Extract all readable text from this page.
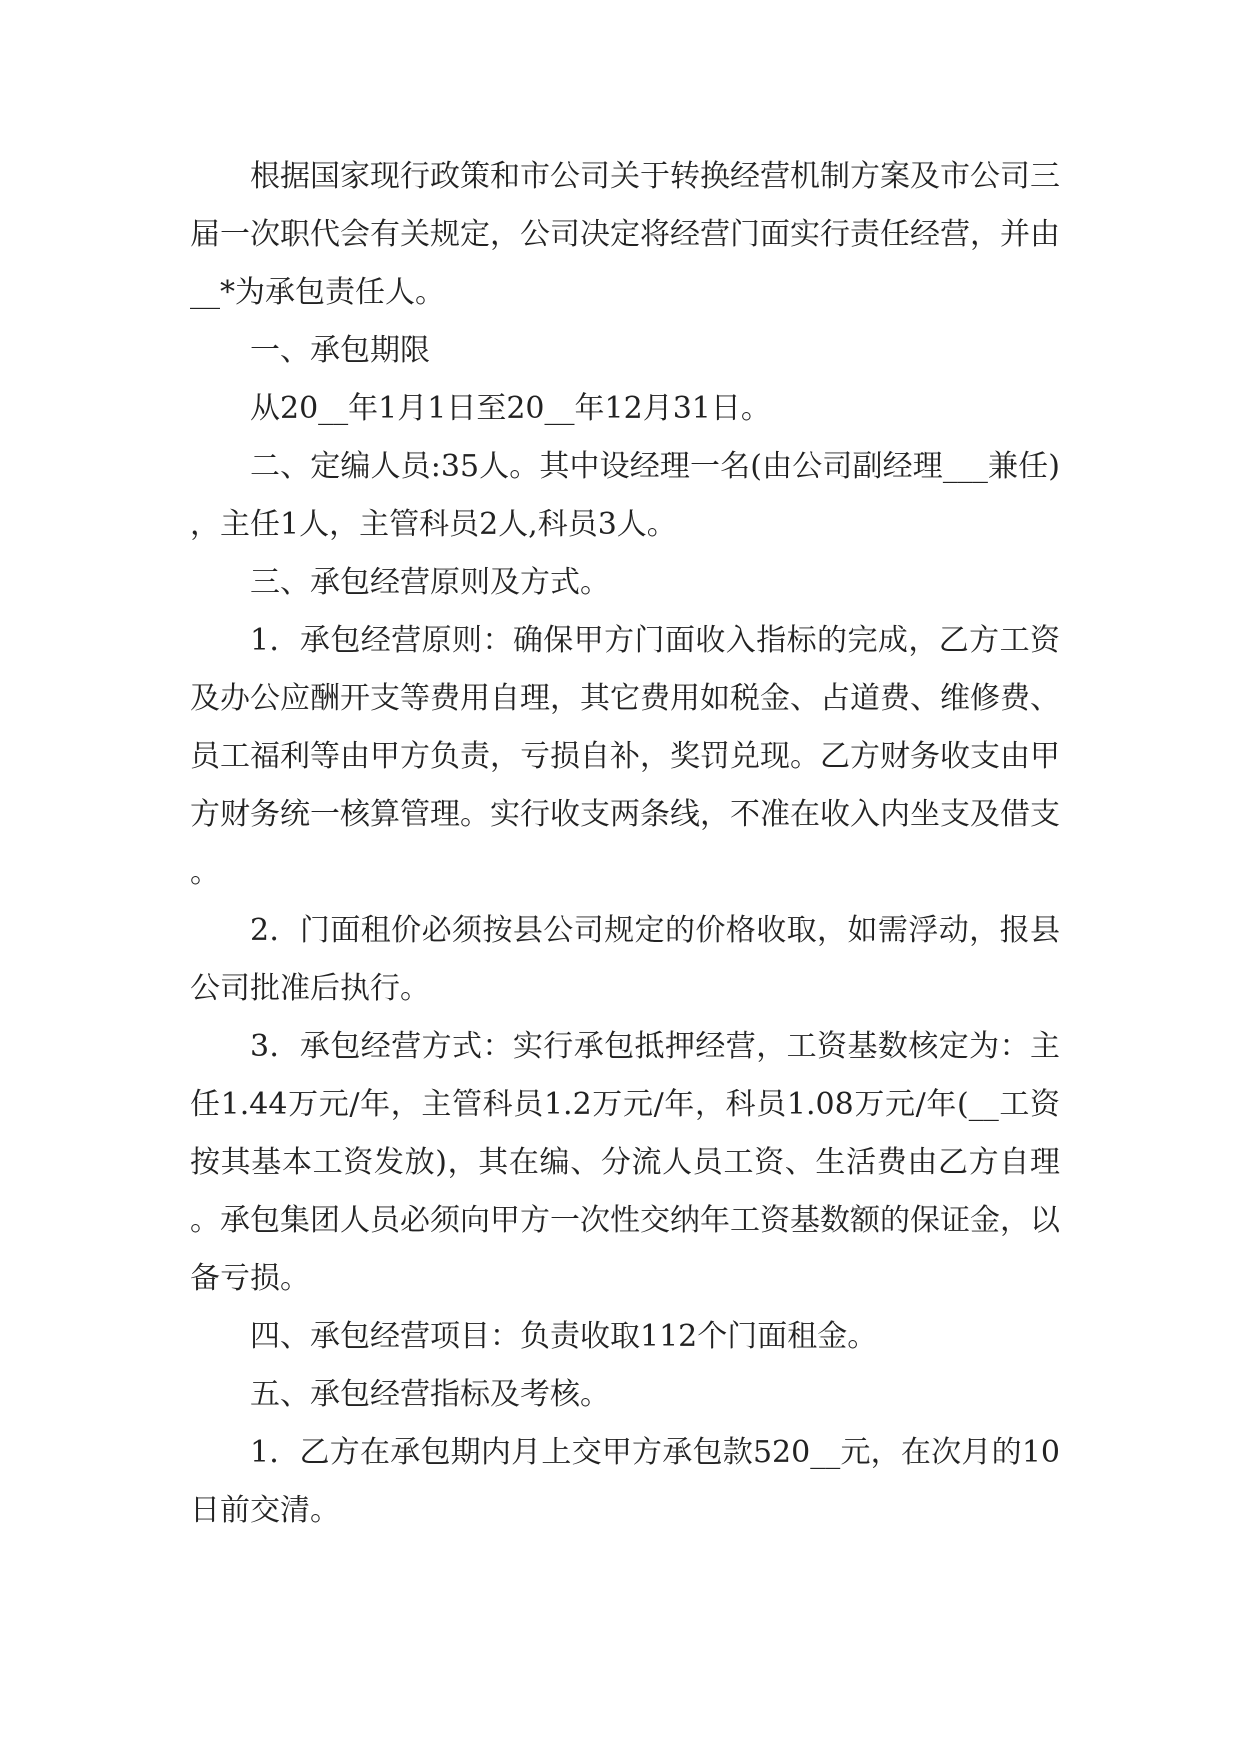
根据国家现行政策和市公司关于转换经营机制方案及市公司三届一次职代会有关规定，公司决定将经营门面实行责任经营，并由__*为承包责任人。

一、承包期限

从20__年1月1日至20__年12月31日。

二、定编人员:35人。其中设经理一名(由公司副经理___兼任)，主任1人，主管科员2人,科员3人。

三、承包经营原则及方式。

1．承包经营原则：确保甲方门面收入指标的完成，乙方工资及办公应酬开支等费用自理，其它费用如税金、占道费、维修费、员工福利等由甲方负责，亏损自补，奖罚兑现。乙方财务收支由甲方财务统一核算管理。实行收支两条线，不准在收入内坐支及借支。

2．门面租价必须按县公司规定的价格收取，如需浮动，报县公司批准后执行。

3．承包经营方式：实行承包抵押经营，工资基数核定为：主任1.44万元/年，主管科员1.2万元/年，科员1.08万元/年(__工资按其基本工资发放)，其在编、分流人员工资、生活费由乙方自理。承包集团人员必须向甲方一次性交纳年工资基数额的保证金，以备亏损。

四、承包经营项目：负责收取112个门面租金。

五、承包经营指标及考核。

1．乙方在承包期内月上交甲方承包款520__元，在次月的10日前交清。
